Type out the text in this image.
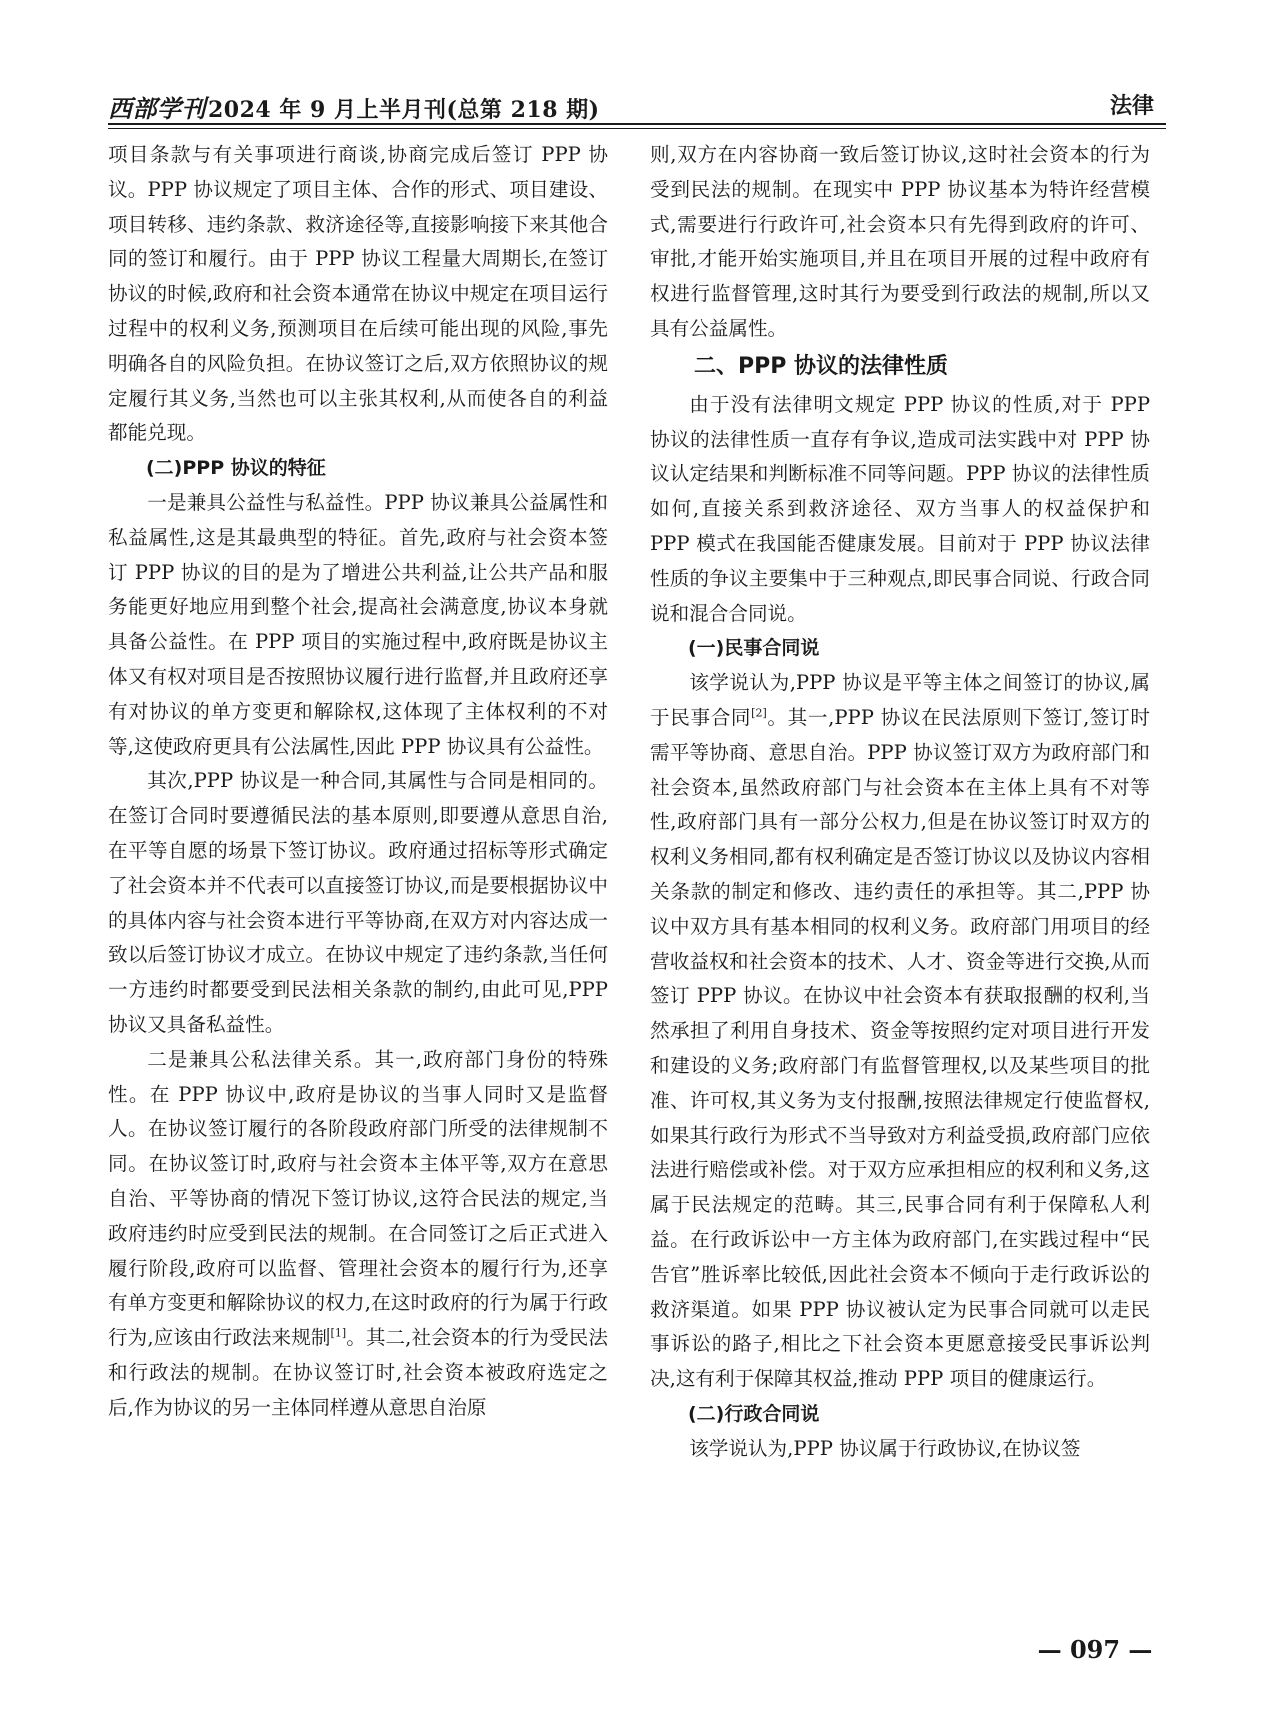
西部学刊2024 年 9 月上半月刊(总第 218 期)	法律

项目条款与有关事项进行商谈,协商完成后签订 PPP 协议。PPP 协议规定了项目主体、合作的形式、项目建设、项目转移、违约条款、救济途径等,直接影响接下来其他合同的签订和履行。由于 PPP 协议工程量大周期长,在签订协议的时候,政府和社会资本通常在协议中规定在项目运行过程中的权利义务,预测项目在后续可能出现的风险,事先明确各自的风险负担。在协议签订之后,双方依照协议的规定履行其义务,当然也可以主张其权利,从而使各自的利益都能兑现。

(二)PPP 协议的特征

一是兼具公益性与私益性。PPP 协议兼具公益属性和私益属性,这是其最典型的特征。首先,政府与社会资本签订 PPP 协议的目的是为了增进公共利益,让公共产品和服务能更好地应用到整个社会,提高社会满意度,协议本身就具备公益性。在 PPP 项目的实施过程中,政府既是协议主体又有权对项目是否按照协议履行进行监督,并且政府还享有对协议的单方变更和解除权,这体现了主体权利的不对等,这使政府更具有公法属性,因此 PPP 协议具有公益性。

其次,PPP 协议是一种合同,其属性与合同是相同的。在签订合同时要遵循民法的基本原则,即要遵从意思自治,在平等自愿的场景下签订协议。政府通过招标等形式确定了社会资本并不代表可以直接签订协议,而是要根据协议中的具体内容与社会资本进行平等协商,在双方对内容达成一致以后签订协议才成立。在协议中规定了违约条款,当任何一方违约时都要受到民法相关条款的制约,由此可见,PPP 协议又具备私益性。

二是兼具公私法律关系。其一,政府部门身份的特殊性。在 PPP 协议中,政府是协议的当事人同时又是监督人。在协议签订履行的各阶段政府部门所受的法律规制不同。在协议签订时,政府与社会资本主体平等,双方在意思自治、平等协商的情况下签订协议,这符合民法的规定,当政府违约时应受到民法的规制。在合同签订之后正式进入履行阶段,政府可以监督、管理社会资本的履行行为,还享有单方变更和解除协议的权力,在这时政府的行为属于行政行为,应该由行政法来规制[1]。其二,社会资本的行为受民法和行政法的规制。在协议签订时,社会资本被政府选定之后,作为协议的另一主体同样遵从意思自治原

则,双方在内容协商一致后签订协议,这时社会资本的行为受到民法的规制。在现实中 PPP 协议基本为特许经营模式,需要进行行政许可,社会资本只有先得到政府的许可、审批,才能开始实施项目,并且在项目开展的过程中政府有权进行监督管理,这时其行为要受到行政法的规制,所以又具有公益属性。

二、PPP 协议的法律性质

由于没有法律明文规定 PPP 协议的性质,对于 PPP 协议的法律性质一直存有争议,造成司法实践中对 PPP 协议认定结果和判断标准不同等问题。PPP 协议的法律性质如何,直接关系到救济途径、双方当事人的权益保护和 PPP 模式在我国能否健康发展。目前对于 PPP 协议法律性质的争议主要集中于三种观点,即民事合同说、行政合同说和混合合同说。

(一)民事合同说

该学说认为,PPP 协议是平等主体之间签订的协议,属于民事合同[2]。其一,PPP 协议在民法原则下签订,签订时需平等协商、意思自治。PPP 协议签订双方为政府部门和社会资本,虽然政府部门与社会资本在主体上具有不对等性,政府部门具有一部分公权力,但是在协议签订时双方的权利义务相同,都有权利确定是否签订协议以及协议内容相关条款的制定和修改、违约责任的承担等。其二,PPP 协议中双方具有基本相同的权利义务。政府部门用项目的经营收益权和社会资本的技术、人才、资金等进行交换,从而签订 PPP 协议。在协议中社会资本有获取报酬的权利,当然承担了利用自身技术、资金等按照约定对项目进行开发和建设的义务;政府部门有监督管理权,以及某些项目的批准、许可权,其义务为支付报酬,按照法律规定行使监督权,如果其行政行为形式不当导致对方利益受损,政府部门应依法进行赔偿或补偿。对于双方应承担相应的权利和义务,这属于民法规定的范畴。其三,民事合同有利于保障私人利益。在行政诉讼中一方主体为政府部门,在实践过程中“民告官”胜诉率比较低,因此社会资本不倾向于走行政诉讼的救济渠道。如果 PPP 协议被认定为民事合同就可以走民事诉讼的路子,相比之下社会资本更愿意接受民事诉讼判决,这有利于保障其权益,推动 PPP 项目的健康运行。

(二)行政合同说

该学说认为,PPP 协议属于行政协议,在协议签

— 097 —
